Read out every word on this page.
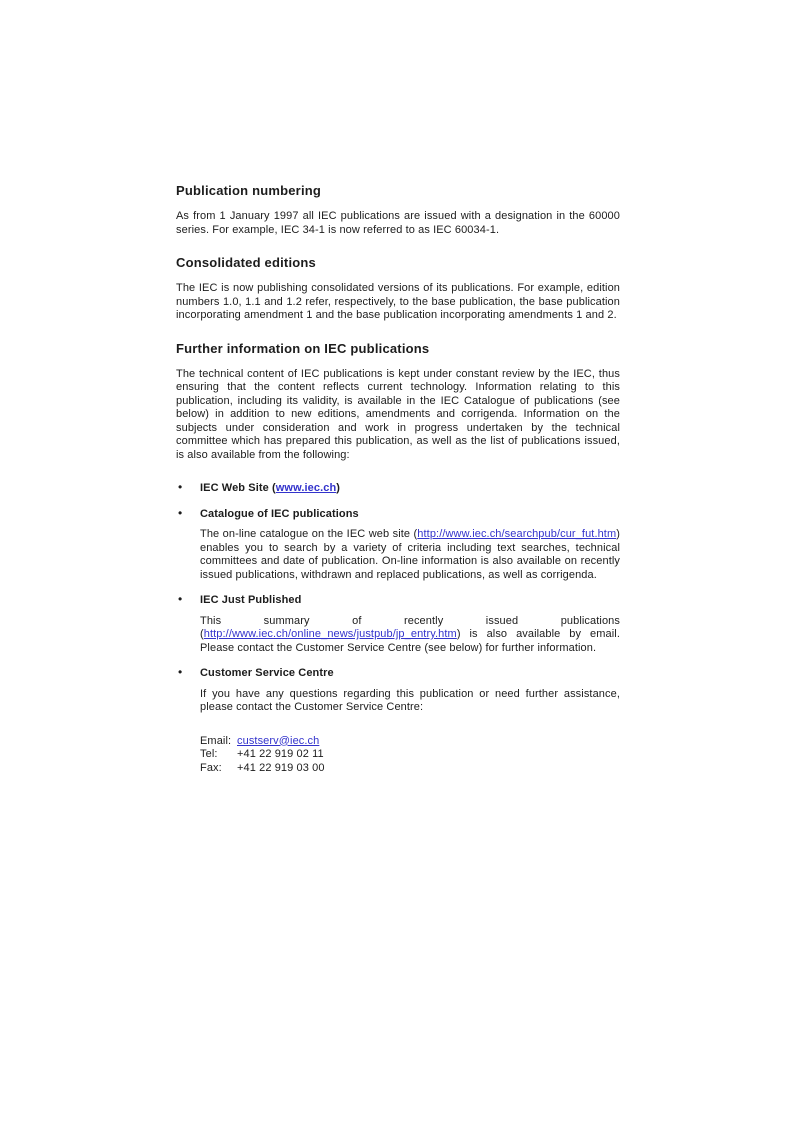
Publication numbering

As from 1 January 1997 all IEC publications are issued with a designation in the 60000 series. For example, IEC 34-1 is now referred to as IEC 60034-1.

Consolidated editions

The IEC is now publishing consolidated versions of its publications. For example, edition numbers 1.0, 1.1 and 1.2 refer, respectively, to the base publication, the base publication incorporating amendment 1 and the base publication incorporating amendments 1 and 2.

Further information on IEC publications

The technical content of IEC publications is kept under constant review by the IEC, thus ensuring that the content reflects current technology. Information relating to this publication, including its validity, is available in the IEC Catalogue of publications (see below) in addition to new editions, amendments and corrigenda. Information on the subjects under consideration and work in progress undertaken by the technical committee which has prepared this publication, as well as the list of publications issued, is also available from the following:

• IEC Web Site (www.iec.ch)
• Catalogue of IEC publications

The on-line catalogue on the IEC web site (http://www.iec.ch/searchpub/cur_fut.htm) enables you to search by a variety of criteria including text searches, technical committees and date of publication. On-line information is also available on recently issued publications, withdrawn and replaced publications, as well as corrigenda.

• IEC Just Published

This summary of recently issued publications (http://www.iec.ch/online_news/justpub/jp_entry.htm) is also available by email. Please contact the Customer Service Centre (see below) for further information.

• Customer Service Centre

If you have any questions regarding this publication or need further assistance, please contact the Customer Service Centre:

Email: custserv@iec.ch
Tel:	+41 22 919 02 11
Fax:	+41 22 919 03 00
